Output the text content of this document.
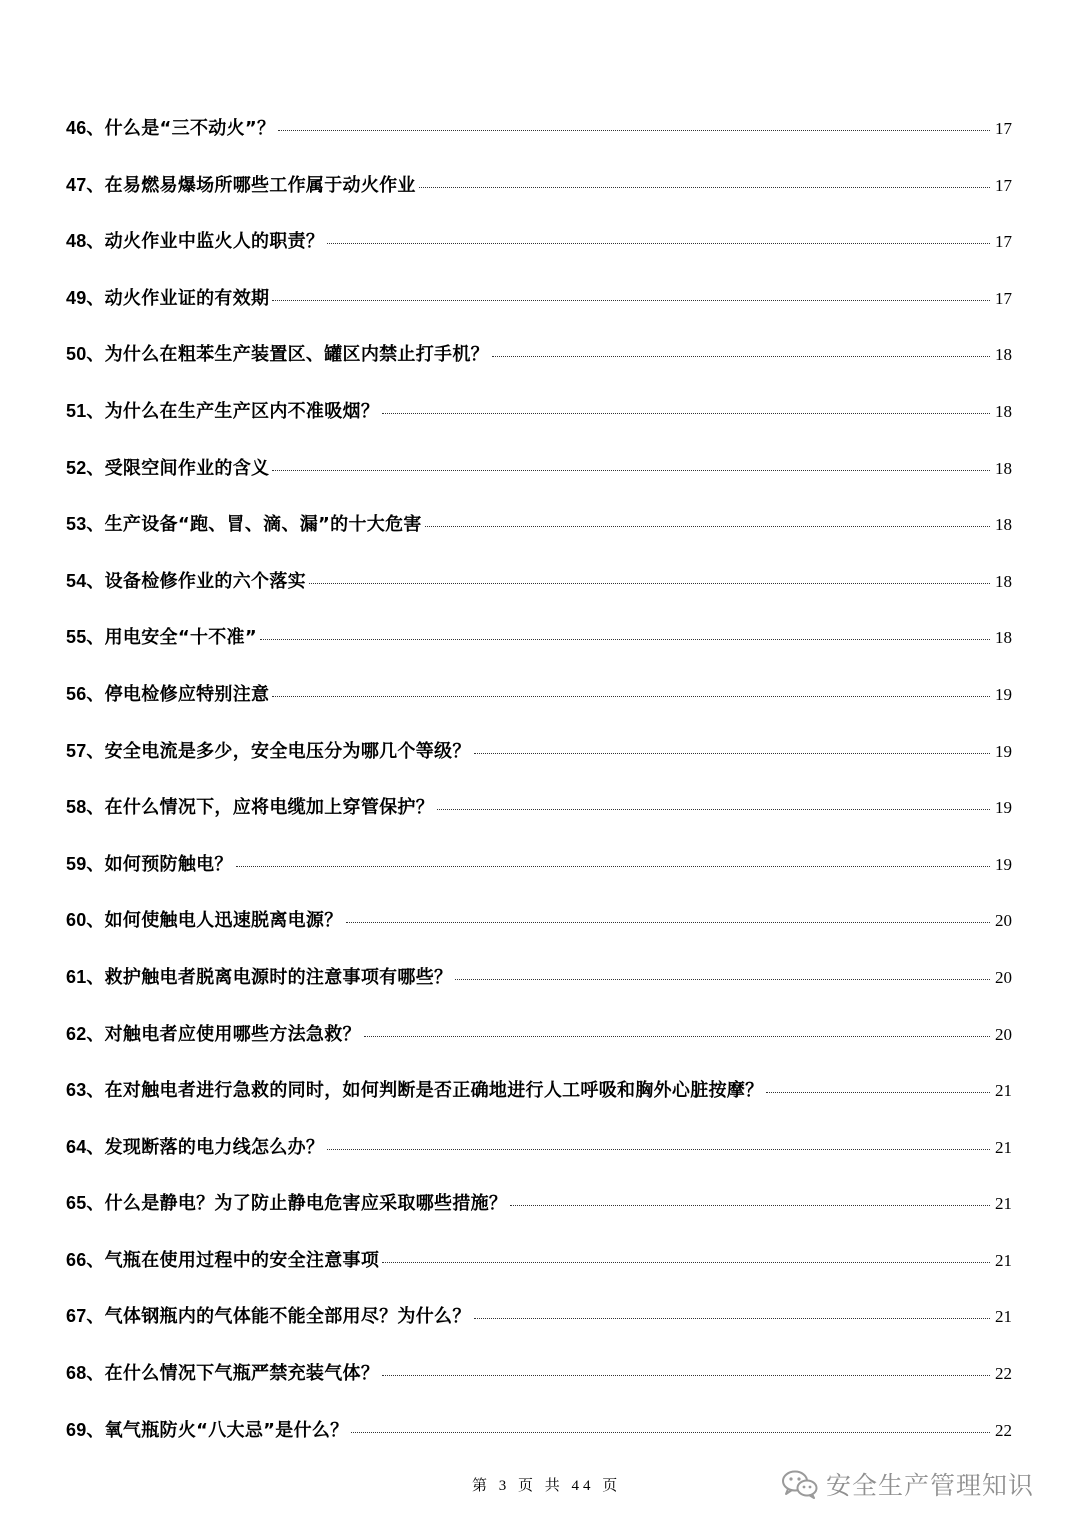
46、 什么是“三不动火”？	17
47、 在易燃易爆场所哪些工作属于动火作业	17
48、 动火作业中监火人的职责？	17
49、 动火作业证的有效期	17
50、 为什么在粗苯生产装置区、罐区内禁止打手机？	18
51、 为什么在生产生产区内不准吸烟？	18
52、 受限空间作业的含义	18
53、 生产设备“跑、冒、滴、漏”的十大危害	18
54、 设备检修作业的六个落实	18
55、 用电安全“十不准”	18
56、 停电检修应特别注意	19
57、 安全电流是多少，安全电压分为哪几个等级？	19
58、 在什么情况下，应将电缆加上穿管保护？	19
59、 如何预防触电？	19
60、 如何使触电人迅速脱离电源？	20
61、 救护触电者脱离电源时的注意事项有哪些？	20
62、 对触电者应使用哪些方法急救？	20
63、 在对触电者进行急救的同时，如何判断是否正确地进行人工呼吸和胸外心脏按摩？	21
64、 发现断落的电力线怎么办？	21
65、 什么是静电？为了防止静电危害应采取哪些措施？	21
66、 气瓶在使用过程中的安全注意事项	21
67、 气体钢瓶内的气体能不能全部用尽？为什么？	21
68、 在什么情况下气瓶严禁充装气体？	22
69、 氧气瓶防火“八大忌”是什么？	22
第 3 页 共 44 页	安全生产管理知识
